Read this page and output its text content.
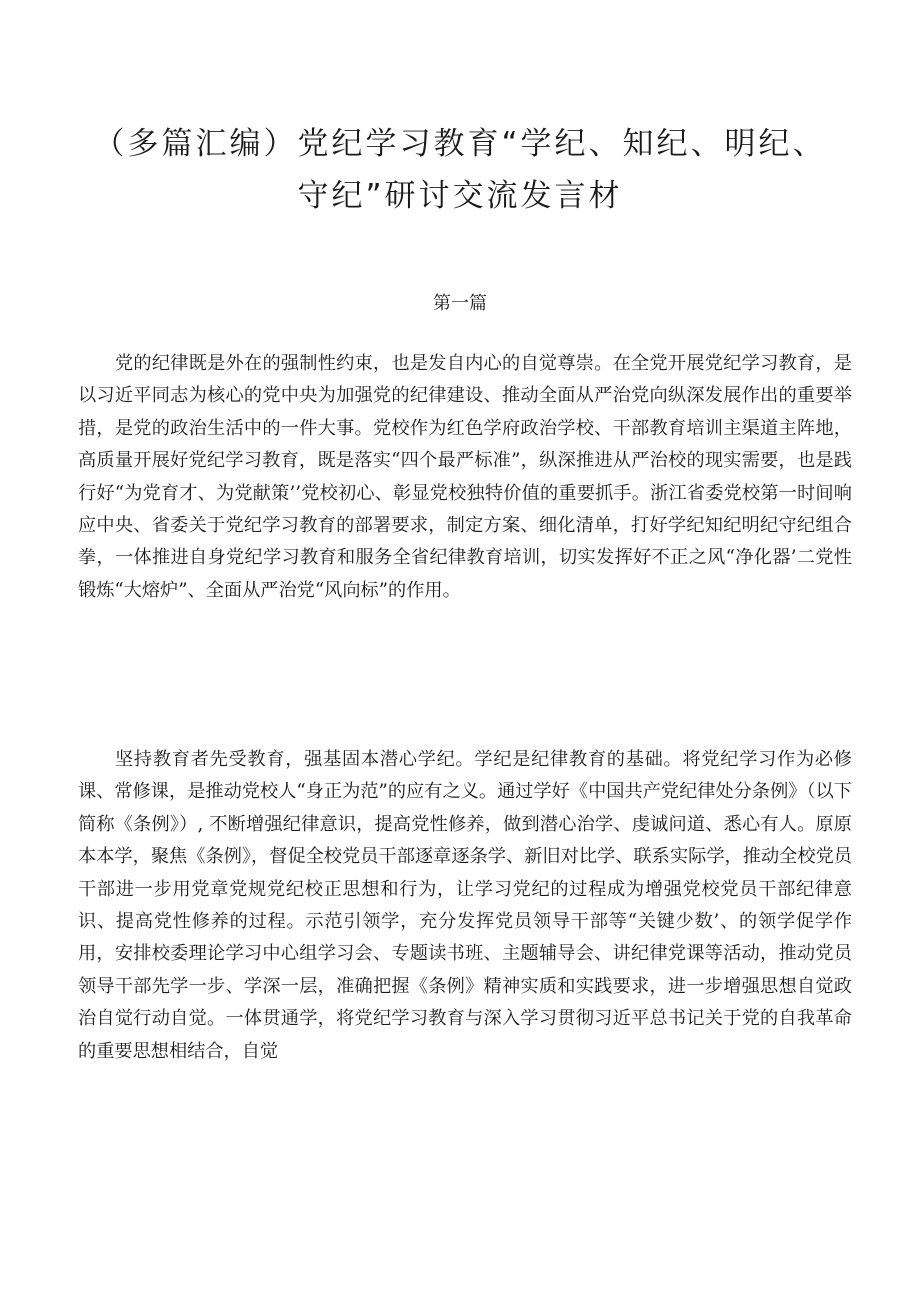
（多篇汇编）党纪学习教育“学纪、知纪、明纪、
守纪”研讨交流发言材
第一篇

党的纪律既是外在的强制性约束，也是发自内心的自觉尊崇。在全党开展党纪学习教育，是以习近平同志为核心的党中央为加强党的纪律建设、推动全面从严治党向纵深发展作出的重要举措，是党的政治生活中的一件大事。党校作为红色学府政治学校、干部教育培训主渠道主阵地，高质量开展好党纪学习教育，既是落实“四个最严标准”，纵深推进从严治校的现实需要，也是践行好“为党育才、为党献策’’党校初心、彰显党校独特价值的重要抓手。浙江省委党校第一时间响应中央、省委关于党纪学习教育的部署要求，制定方案、细化清单，打好学纪知纪明纪守纪组合拳，一体推进自身党纪学习教育和服务全省纪律教育培训，切实发挥好不正之风“净化器’二党性锻炼“大熔炉”、全面从严治党“风向标”的作用。

坚持教育者先受教育，强基固本潜心学纪。学纪是纪律教育的基础。将党纪学习作为必修课、常修课，是推动党校人“身正为范”的应有之义。通过学好《中国共产党纪律处分条例》（以下简称《条例》）, 不断增强纪律意识，提高党性修养，做到潜心治学、虔诚问道、悉心有人。原原本本学，聚焦《条例》，督促全校党员干部逐章逐条学、新旧对比学、联系实际学，推动全校党员干部进一步用党章党规党纪校正思想和行为，让学习党纪的过程成为增强党校党员干部纪律意识、提高党性修养的过程。示范引领学，充分发挥党员领导干部等“关键少数’、的领学促学作用，安排校委理论学习中心组学习会、专题读书班、主题辅导会、讲纪律党课等活动，推动党员领导干部先学一步、学深一层，准确把握《条例》精神实质和实践要求，进一步增强思想自觉政治自觉行动自觉。一体贯通学，将党纪学习教育与深入学习贯彻习近平总书记关于党的自我革命的重要思想相结合，自觉
